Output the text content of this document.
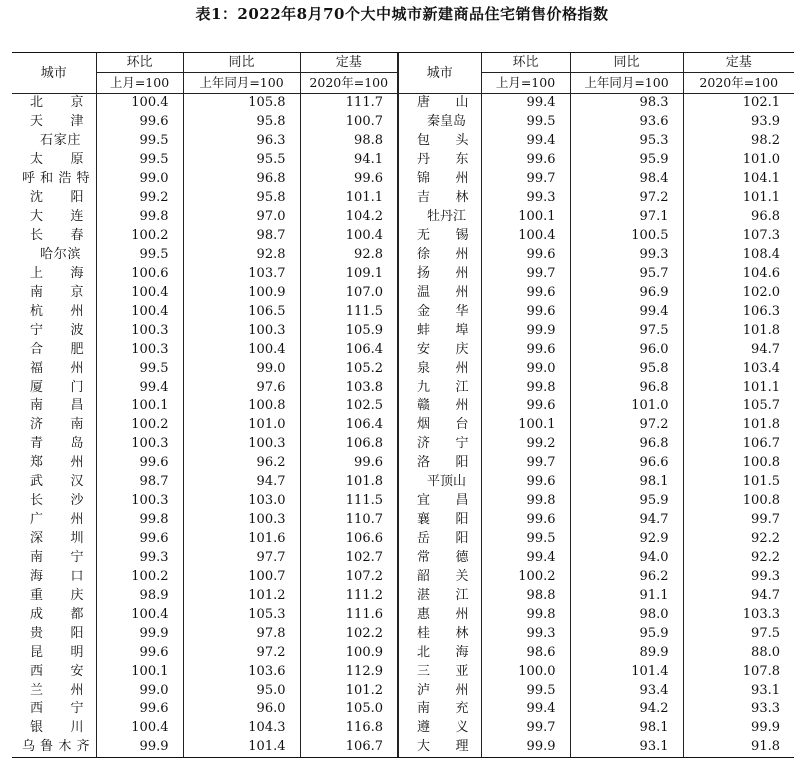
表1：2022年8月70个大中城市新建商品住宅销售价格指数
城市	环比	同比	定基	城市	环比	同比	定基
	上月=100	上年同月=100	2020年=100		上月=100	上年同月=100	2020年=100
北京	100.4	105.8	111.7	唐山	99.4	98.3	102.1
天津	99.6	95.8	100.7	秦皇岛	99.5	93.6	93.9
石家庄	99.5	96.3	98.8	包头	99.4	95.3	98.2
太原	99.5	95.5	94.1	丹东	99.6	95.9	101.0
呼和浩特	99.0	96.8	99.6	锦州	99.7	98.4	104.1
沈阳	99.2	95.8	101.1	吉林	99.3	97.2	101.1
大连	99.8	97.0	104.2	牡丹江	100.1	97.1	96.8
长春	100.2	98.7	100.4	无锡	100.4	100.5	107.3
哈尔滨	99.5	92.8	92.8	徐州	99.6	99.3	108.4
上海	100.6	103.7	109.1	扬州	99.7	95.7	104.6
南京	100.4	100.9	107.0	温州	99.6	96.9	102.0
杭州	100.4	106.5	111.5	金华	99.6	99.4	106.3
宁波	100.3	100.3	105.9	蚌埠	99.9	97.5	101.8
合肥	100.3	100.4	106.4	安庆	99.6	96.0	94.7
福州	99.5	99.0	105.2	泉州	99.0	95.8	103.4
厦门	99.4	97.6	103.8	九江	99.8	96.8	101.1
南昌	100.1	100.8	102.5	赣州	99.6	101.0	105.7
济南	100.2	101.0	106.4	烟台	100.1	97.2	101.8
青岛	100.3	100.3	106.8	济宁	99.2	96.8	106.7
郑州	99.6	96.2	99.6	洛阳	99.7	96.6	100.8
武汉	98.7	94.7	101.8	平顶山	99.6	98.1	101.5
长沙	100.3	103.0	111.5	宜昌	99.8	95.9	100.8
广州	99.8	100.3	110.7	襄阳	99.6	94.7	99.7
深圳	99.6	101.6	106.6	岳阳	99.5	92.9	92.2
南宁	99.3	97.7	102.7	常德	99.4	94.0	92.2
海口	100.2	100.7	107.2	韶关	100.2	96.2	99.3
重庆	98.9	101.2	111.2	湛江	98.8	91.1	94.7
成都	100.4	105.3	111.6	惠州	99.8	98.0	103.3
贵阳	99.9	97.8	102.2	桂林	99.3	95.9	97.5
昆明	99.6	97.2	100.9	北海	98.6	89.9	88.0
西安	100.1	103.6	112.9	三亚	100.0	101.4	107.8
兰州	99.0	95.0	101.2	泸州	99.5	93.4	93.1
西宁	99.6	96.0	105.0	南充	99.4	94.2	93.3
银川	100.4	104.3	116.8	遵义	99.7	98.1	99.9
乌鲁木齐	99.9	101.4	106.7	大理	99.9	93.1	91.8
